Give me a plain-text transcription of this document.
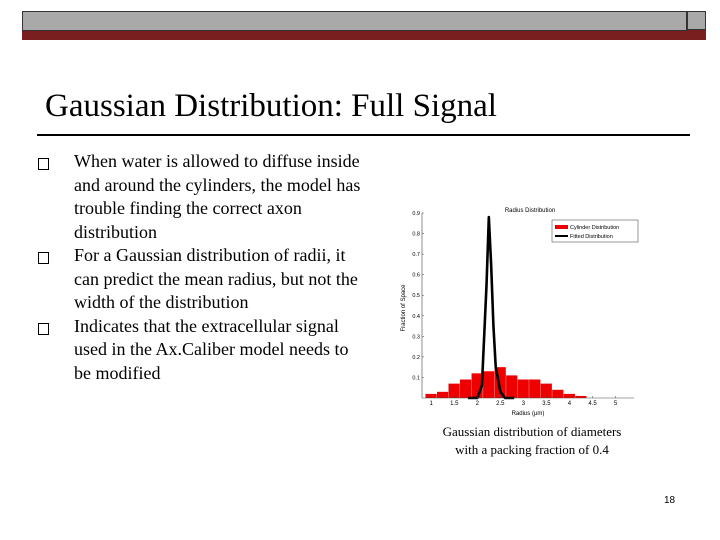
Gaussian Distribution: Full Signal
When water is allowed to diffuse inside and around the cylinders, the model has trouble finding the correct axon distribution
For a Gaussian distribution of radii, it can predict the mean radius, but not the width of the distribution
Indicates that the extracellular signal used in the Ax.Caliber model needs to be modified
Radius Distribution
1	1.5	2	2.5	3	3.5	4	4.5	5
0.1
0.2
0.3
0.4
0.5
0.6
0.7
0.8
0.9
Radius (µm)
Fraction of Space
Cylinder Distribution
Fitted Distribution
Gaussian distribution of diameters
with a packing fraction of 0.4
18
